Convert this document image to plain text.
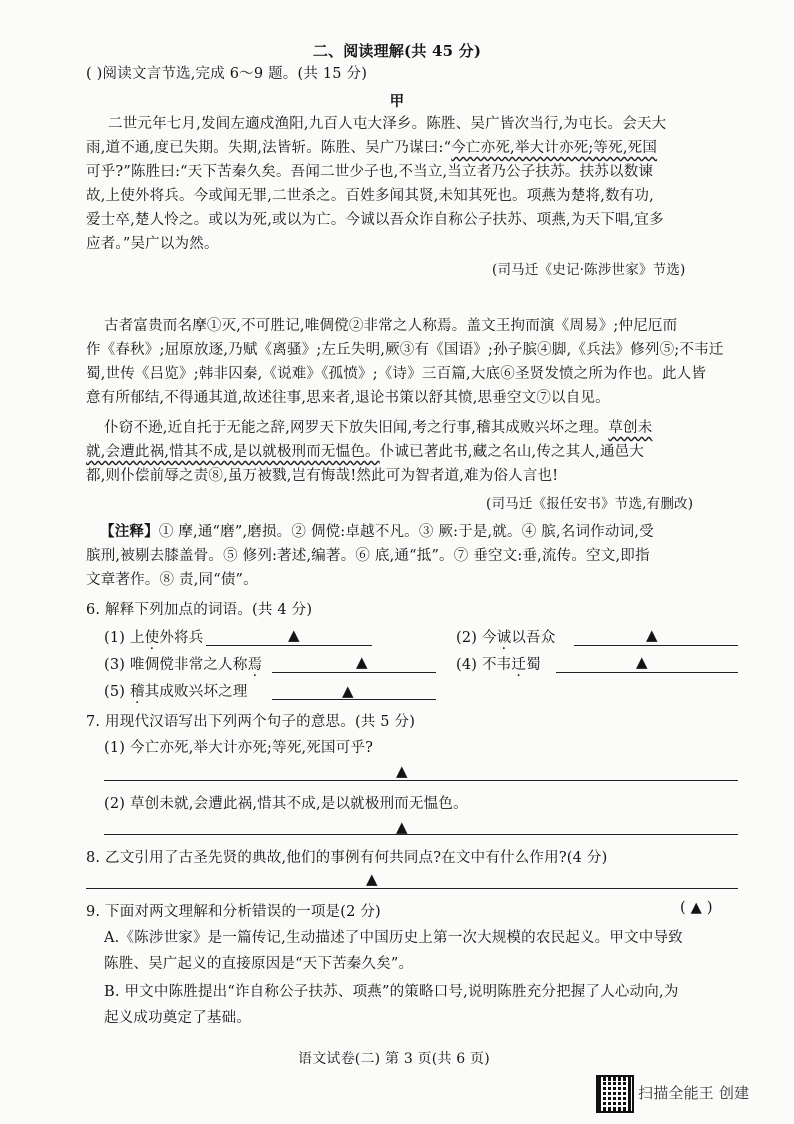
二、阅读理解(共 45 分)
( )阅读文言节选,完成 6～9 题。(共 15 分)
甲
二世元年七月,发闾左適戍渔阳,九百人屯大泽乡。陈胜、吴广皆次当行,为屯长。会天大
雨,道不通,度已失期。失期,法皆斩。陈胜、吴广乃谋曰:“今亡亦死,举大计亦死;等死,死国
可乎?”陈胜曰:“天下苦秦久矣。吾闻二世少子也,不当立,当立者乃公子扶苏。扶苏以数谏
故,上使外将兵。今或闻无罪,二世杀之。百姓多闻其贤,未知其死也。项燕为楚将,数有功,
爱士卒,楚人怜之。或以为死,或以为亡。今诚以吾众诈自称公子扶苏、项燕,为天下唱,宜多
应者。”吴广以为然。
(司马迁《史记·陈涉世家》节选)
古者富贵而名摩①灭,不可胜记,唯倜傥②非常之人称焉。盖文王拘而演《周易》;仲尼厄而
作《春秋》;屈原放逐,乃赋《离骚》;左丘失明,厥③有《国语》;孙子膑④脚,《兵法》修列⑤;不韦迁
蜀,世传《吕览》;韩非囚秦,《说难》《孤愤》;《诗》三百篇,大底⑥圣贤发愤之所为作也。此人皆
意有所郁结,不得通其道,故述往事,思来者,退论书策以舒其愤,思垂空文⑦以自见。
仆窃不逊,近自托于无能之辞,网罗天下放失旧闻,考之行事,稽其成败兴坏之理。草创未
就,会遭此祸,惜其不成,是以就极刑而无愠色。仆诚已著此书,藏之名山,传之其人,通邑大
都,则仆偿前辱之责⑧,虽万被戮,岂有悔哉!然此可为智者道,难为俗人言也!
(司马迁《报任安书》节选,有删改)
【注释】① 摩,通“磨”,磨损。② 倜傥:卓越不凡。③ 厥:于是,就。④ 膑,名词作动词,受
膑刑,被剔去膝盖骨。⑤ 修列:著述,编著。⑥ 底,通“抵”。⑦ 垂空文:垂,流传。空文,即指
文章著作。⑧ 责,同“债”。
6. 解释下列加点的词语。(共 4 分)
(1) 上使外将兵	▲	(2) 今诚以吾众	▲
(3) 唯倜傥非常之人称焉	▲	(4) 不韦迁蜀	▲
(5) 稽其成败兴坏之理	▲
7. 用现代汉语写出下列两个句子的意思。(共 5 分)
(1) 今亡亦死,举大计亦死;等死,死国可乎?
▲
(2) 草创未就,会遭此祸,惜其不成,是以就极刑而无愠色。
▲
8. 乙文引用了古圣先贤的典故,他们的事例有何共同点?在文中有什么作用?(4 分)
▲
9. 下面对两文理解和分析错误的一项是(2 分)	( ▲ )
A.《陈涉世家》是一篇传记,生动描述了中国历史上第一次大规模的农民起义。甲文中导致
陈胜、吴广起义的直接原因是“天下苦秦久矣”。
B. 甲文中陈胜提出“诈自称公子扶苏、项燕”的策略口号,说明陈胜充分把握了人心动向,为
起义成功奠定了基础。
语文试卷(二) 第 3 页(共 6 页)
扫描全能王 创建
